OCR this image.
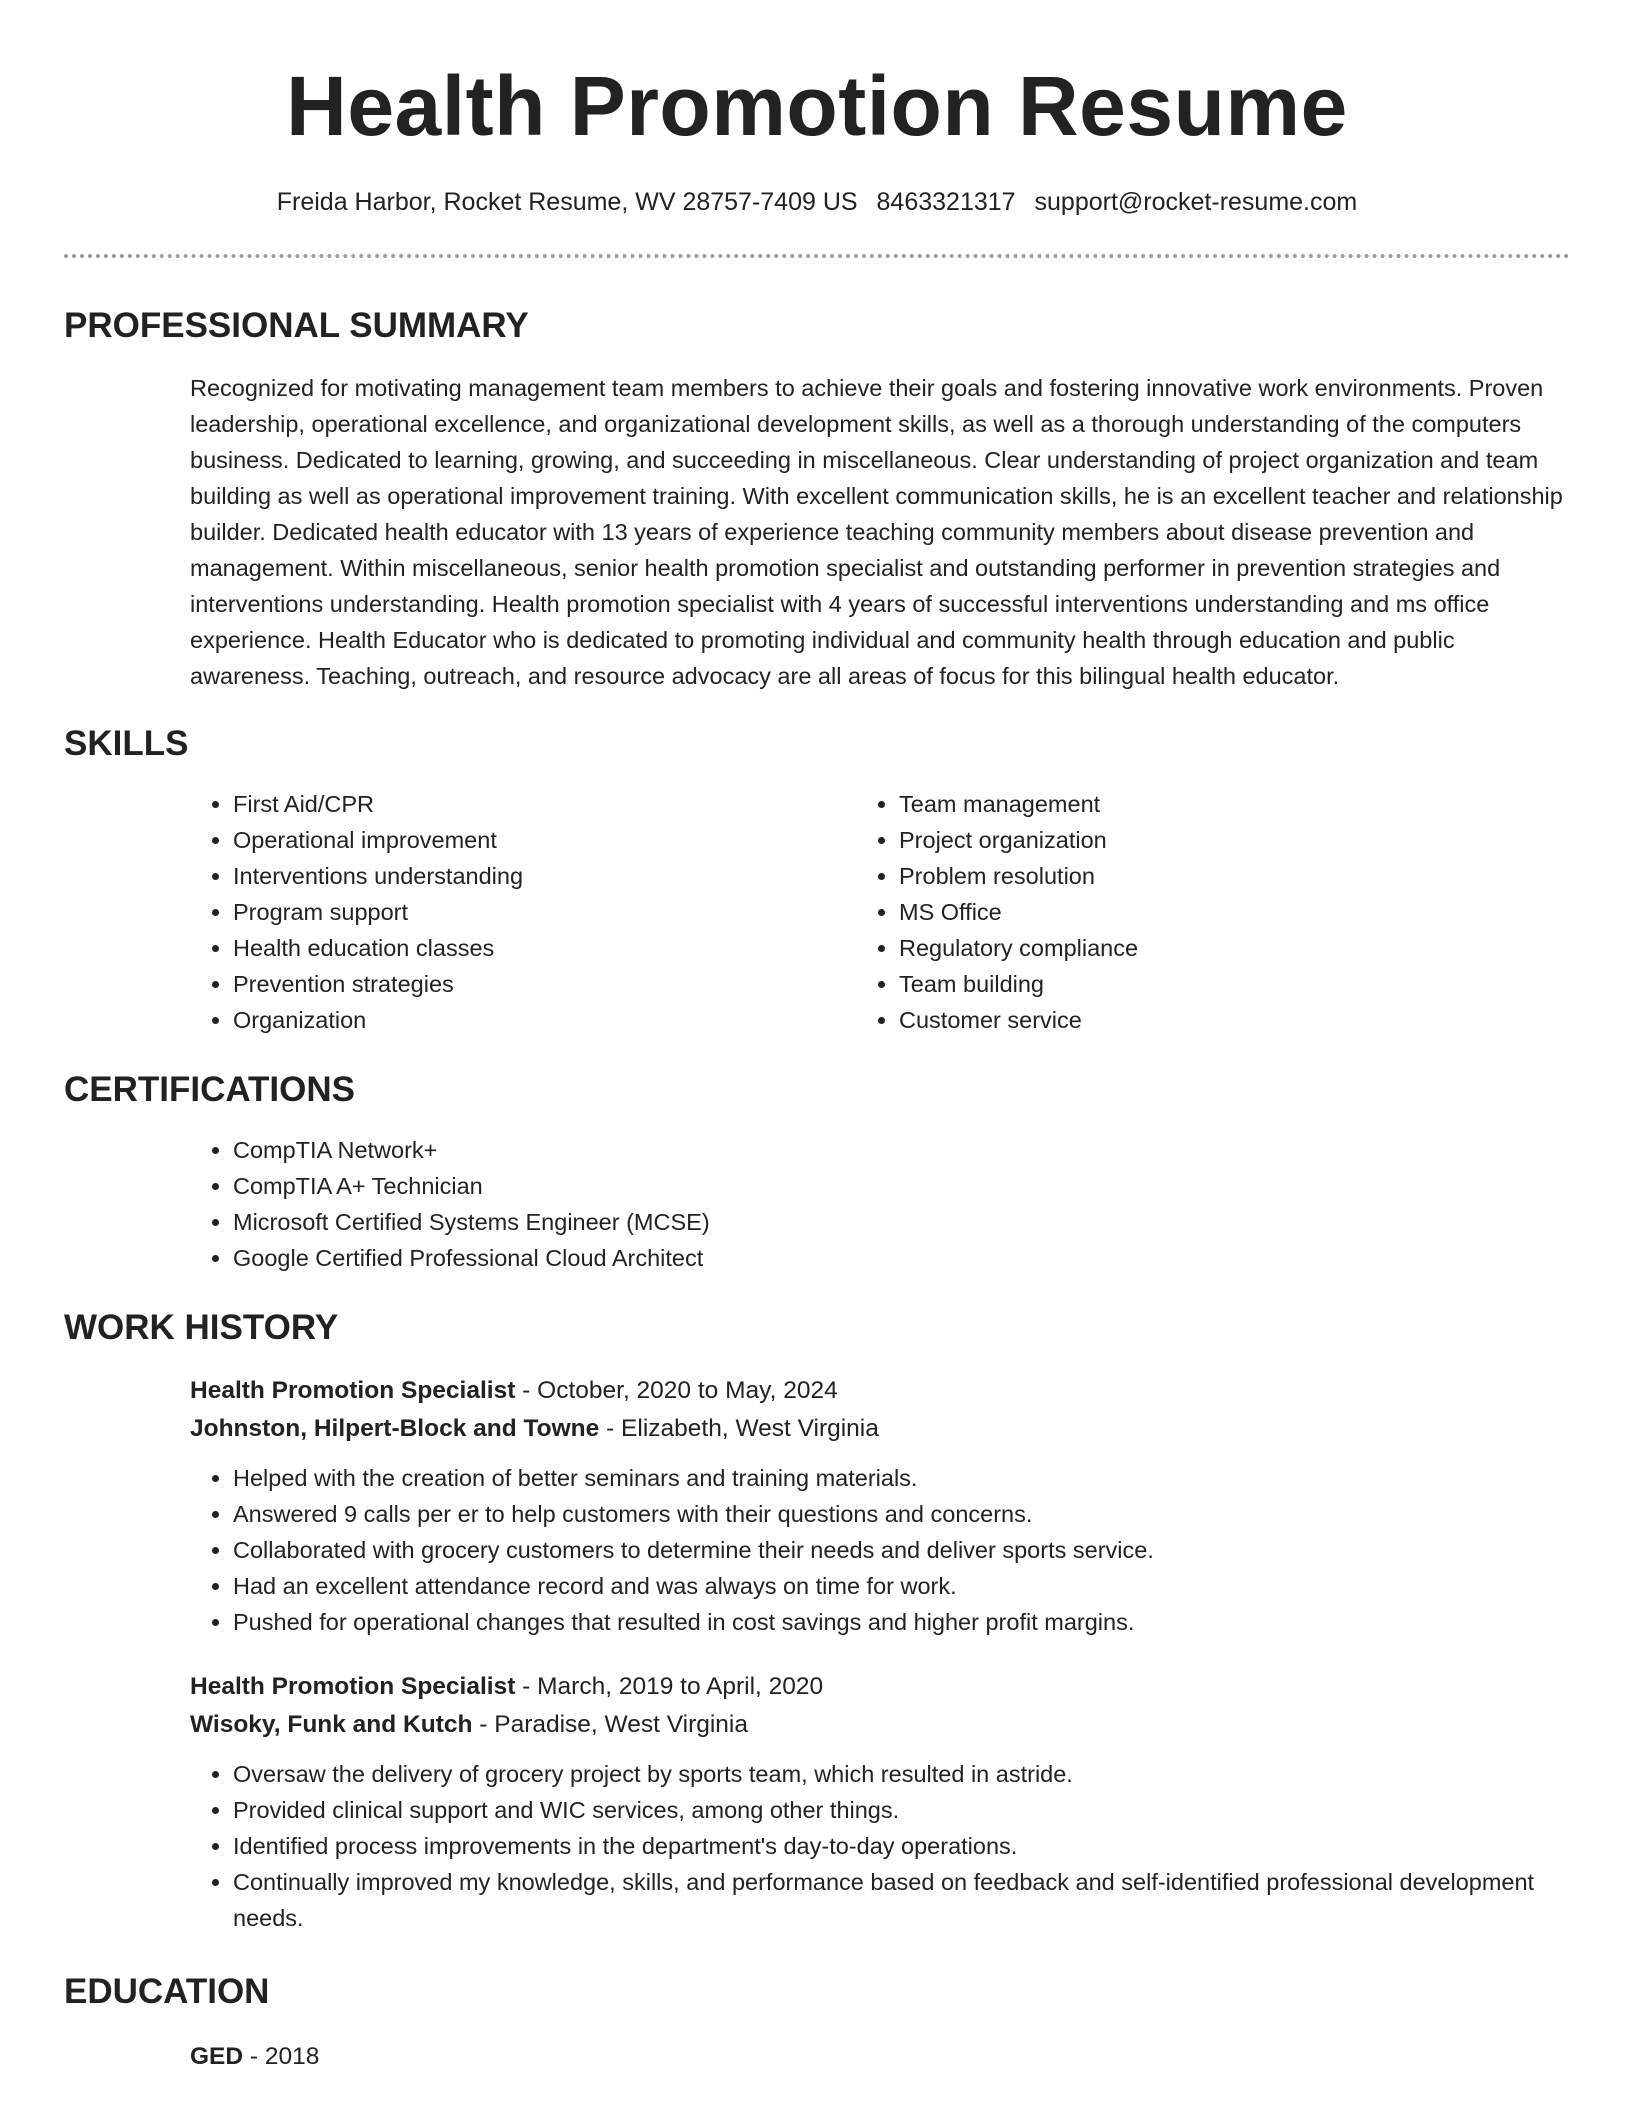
Health Promotion Resume
Freida Harbor, Rocket Resume, WV 28757-7409 US 8463321317 support@rocket-resume.com
PROFESSIONAL SUMMARY

Recognized for motivating management team members to achieve their goals and fostering innovative work environments. Proven leadership, operational excellence, and organizational development skills, as well as a thorough understanding of the computers business. Dedicated to learning, growing, and succeeding in miscellaneous. Clear understanding of project organization and team building as well as operational improvement training. With excellent communication skills, he is an excellent teacher and relationship builder. Dedicated health educator with 13 years of experience teaching community members about disease prevention and management. Within miscellaneous, senior health promotion specialist and outstanding performer in prevention strategies and interventions understanding. Health promotion specialist with 4 years of successful interventions understanding and ms office experience. Health Educator who is dedicated to promoting individual and community health through education and public awareness. Teaching, outreach, and resource advocacy are all areas of focus for this bilingual health educator.

SKILLS
• First Aid/CPR
• Operational improvement
• Interventions understanding
• Program support
• Health education classes
• Prevention strategies
• Organization
• Team management
• Project organization
• Problem resolution
• MS Office
• Regulatory compliance
• Team building
• Customer service
CERTIFICATIONS
• CompTIA Network+
• CompTIA A+ Technician
• Microsoft Certified Systems Engineer (MCSE)
• Google Certified Professional Cloud Architect
WORK HISTORY
Health Promotion Specialist - October, 2020 to May, 2024
Johnston, Hilpert-Block and Towne - Elizabeth, West Virginia
• Helped with the creation of better seminars and training materials.
• Answered 9 calls per er to help customers with their questions and concerns.
• Collaborated with grocery customers to determine their needs and deliver sports service.
• Had an excellent attendance record and was always on time for work.
• Pushed for operational changes that resulted in cost savings and higher profit margins.
Health Promotion Specialist - March, 2019 to April, 2020
Wisoky, Funk and Kutch - Paradise, West Virginia
• Oversaw the delivery of grocery project by sports team, which resulted in astride.
• Provided clinical support and WIC services, among other things.
• Identified process improvements in the department's day-to-day operations.
• Continually improved my knowledge, skills, and performance based on feedback and self-identified professional development needs.
EDUCATION
GED - 2018
